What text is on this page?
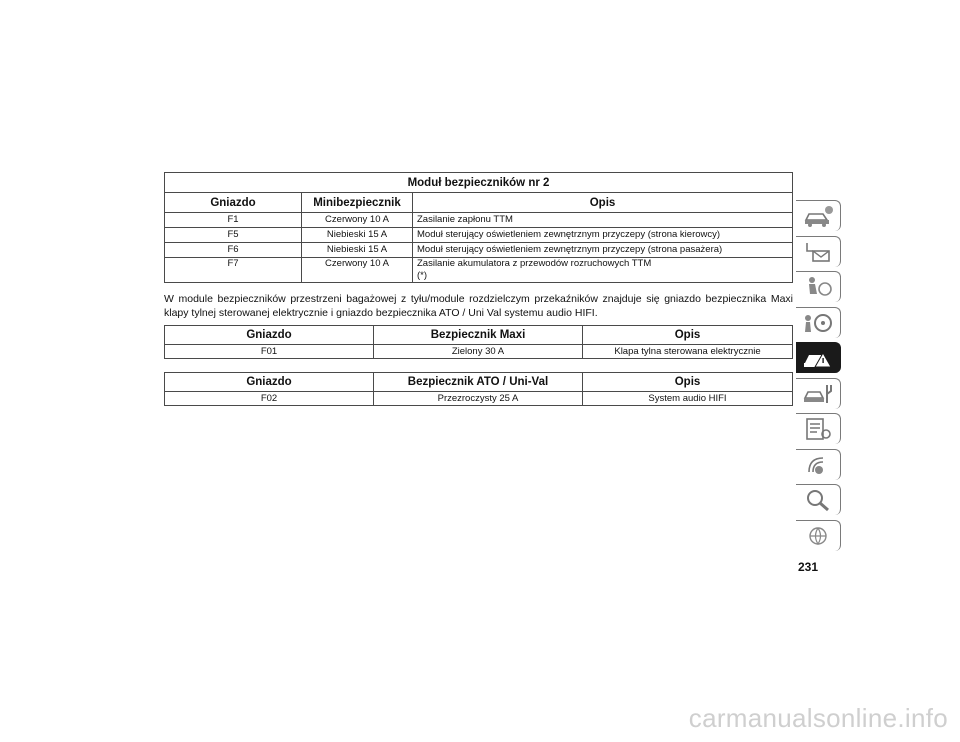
Moduł bezpieczników nr 2		
Gniazdo	Minibezpiecznik	Opis
F1	Czerwony 10 A	Zasilanie zapłonu TTM
F5	Niebieski 15 A	Moduł sterujący oświetleniem zewnętrznym przyczepy (strona kierowcy)
F6	Niebieski 15 A	Moduł sterujący oświetleniem zewnętrznym przyczepy (strona pasażera)
F7	Czerwony 10 A	Zasilanie akumulatora z przewodów rozruchowych TTM
(*)
W module bezpieczników przestrzeni bagażowej z tyłu/module rozdzielczym przekaźników znajduje się gniazdo bezpiecznika Maxi klapy tylnej sterowanej elektrycznie i gniazdo bezpiecznika ATO / Uni Val systemu audio HIFI.
Gniazdo	Bezpiecznik Maxi	Opis
F01	Zielony 30 A	Klapa tylna sterowana elektrycznie
Gniazdo	Bezpiecznik ATO / Uni-Val	Opis
F02	Przezroczysty 25 A	System audio HIFI
231
carmanualsonline.info
